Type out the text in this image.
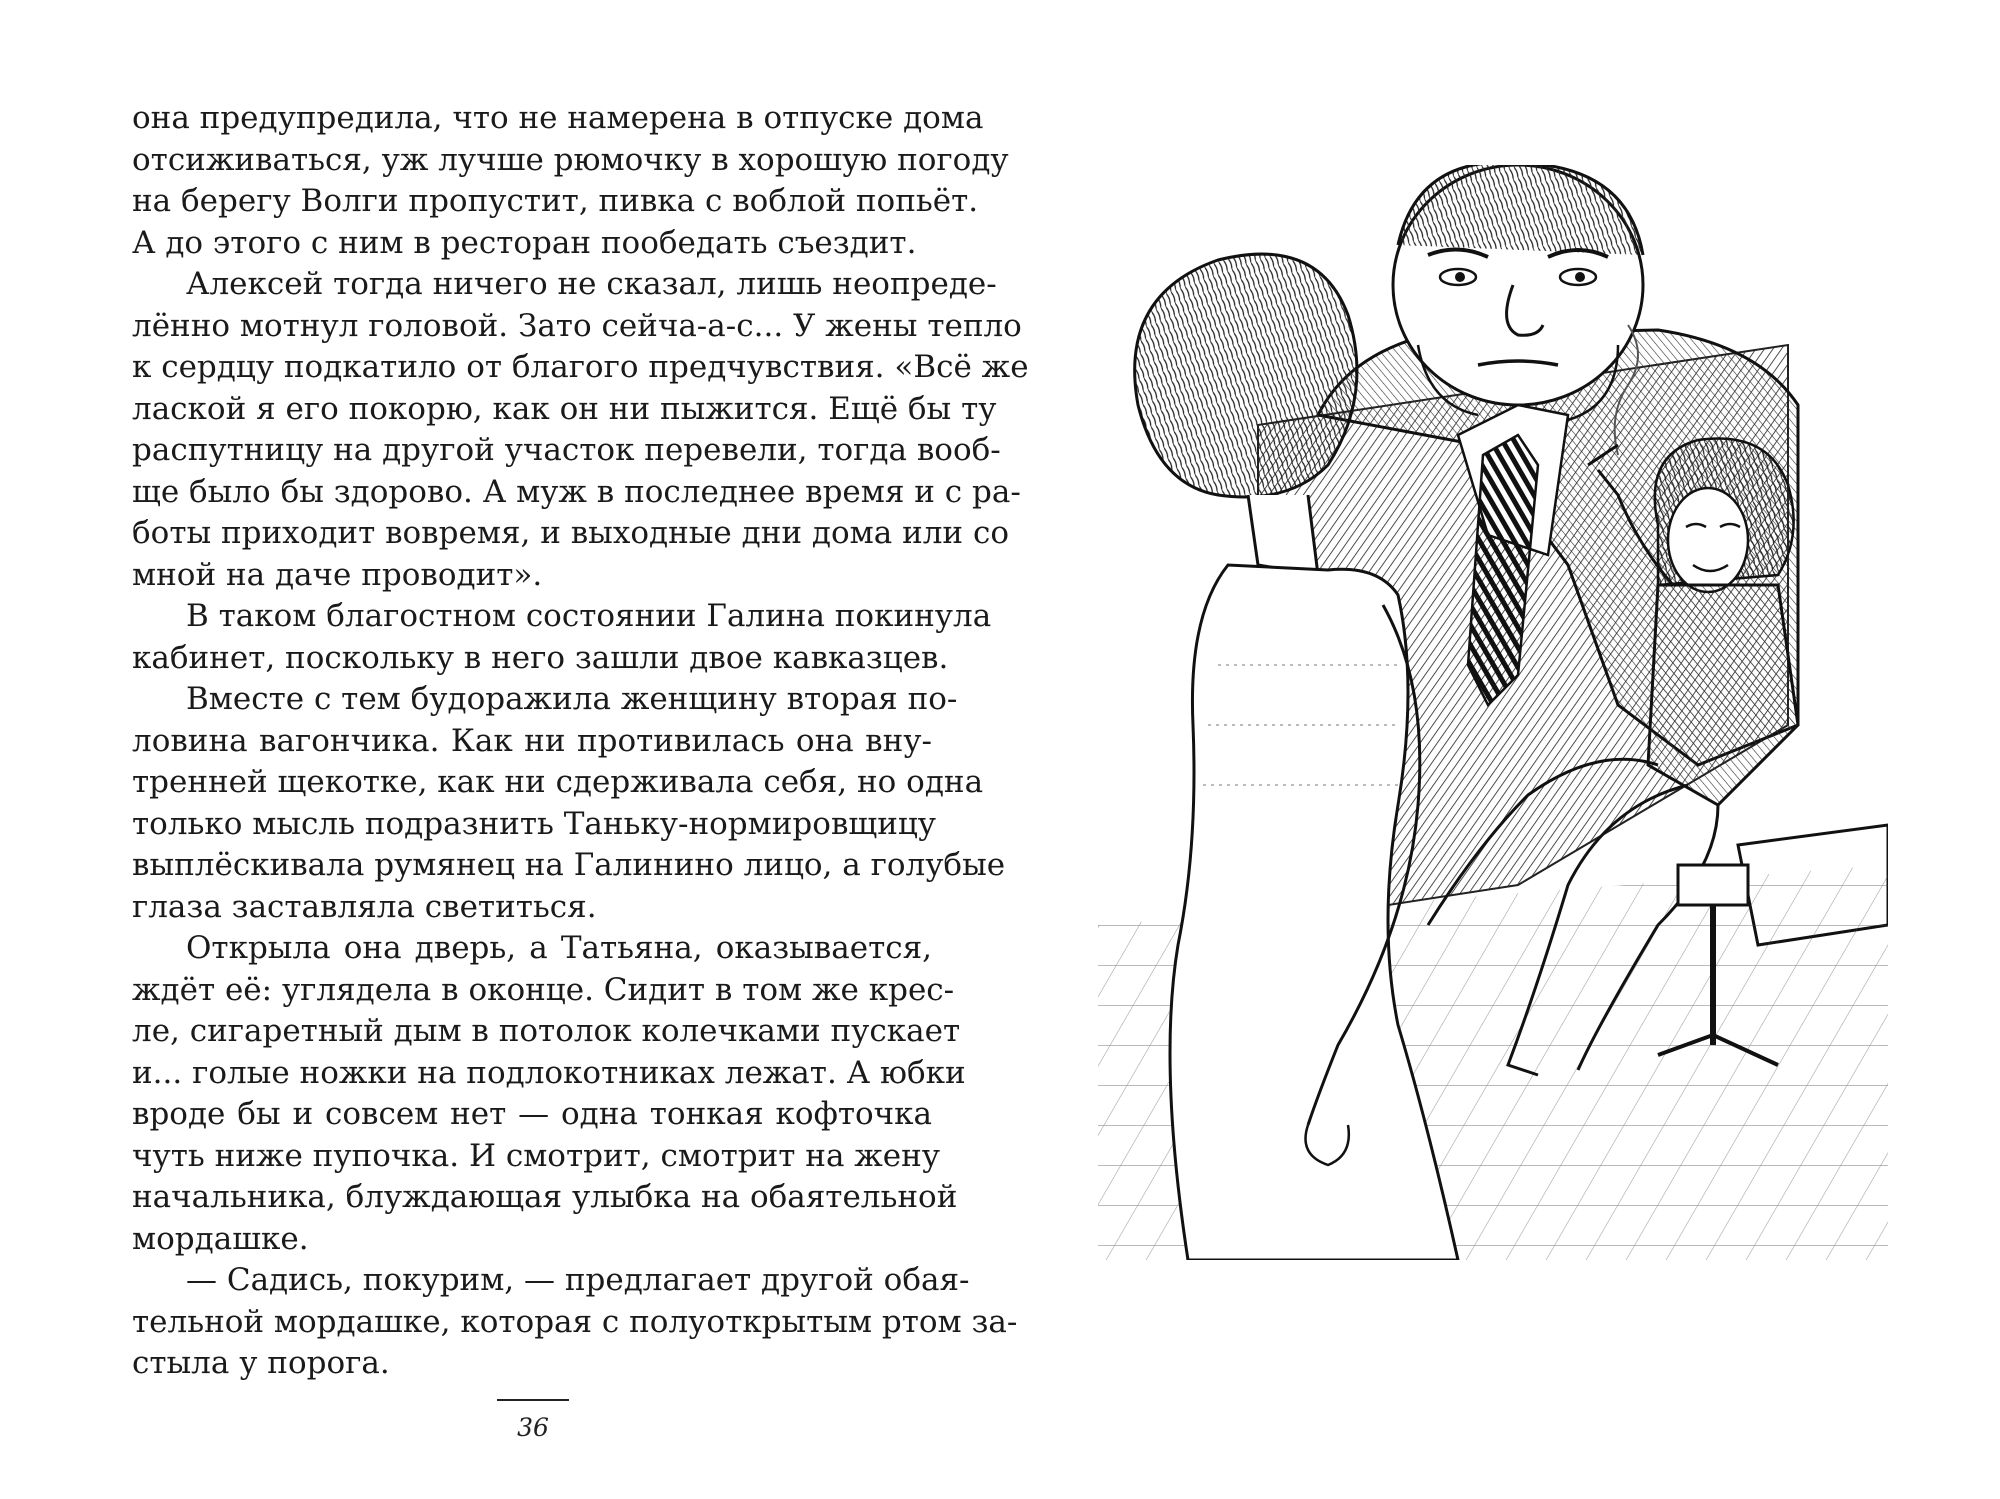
она предупредила, что не намерена в отпуске дома
отсиживаться, уж лучше рюмочку в хорошую погоду
на берегу Волги пропустит, пивка с воблой попьёт.
А до этого с ним в ресторан пообедать съездит.
Алексей тогда ничего не сказал, лишь неопреде-
лённо мотнул головой. Зато сейча-а-с... У жены тепло
к сердцу подкатило от благого предчувствия. «Всё же
лаской я его покорю, как он ни пыжится. Ещё бы ту
распутницу на другой участок перевели, тогда вооб-
ще было бы здорово. А муж в последнее время и с ра-
боты приходит вовремя, и выходные дни дома или со
мной на даче проводит».
В таком благостном состоянии Галина покинула
кабинет, поскольку в него зашли двое кавказцев.
Вместе с тем будоражила женщину вторая по-
ловина вагончика. Как ни противилась она вну-
тренней щекотке, как ни сдерживала себя, но одна
только мысль подразнить Таньку-нормировщицу
выплёскивала румянец на Галинино лицо, а голубые
глаза заставляла светиться.
Открыла она дверь, а Татьяна, оказывается,
ждёт её: углядела в оконце. Сидит в том же крес-
ле, сигаретный дым в потолок колечками пускает
и... голые ножки на подлокотниках лежат. А юбки
вроде бы и совсем нет — одна тонкая кофточка
чуть ниже пупочка. И смотрит, смотрит на жену
начальника, блуждающая улыбка на обаятельной
мордашке.
— Садись, покурим, — предлагает другой обая-
тельной мордашке, которая с полуоткрытым ртом за-
стыла у порога.
36
